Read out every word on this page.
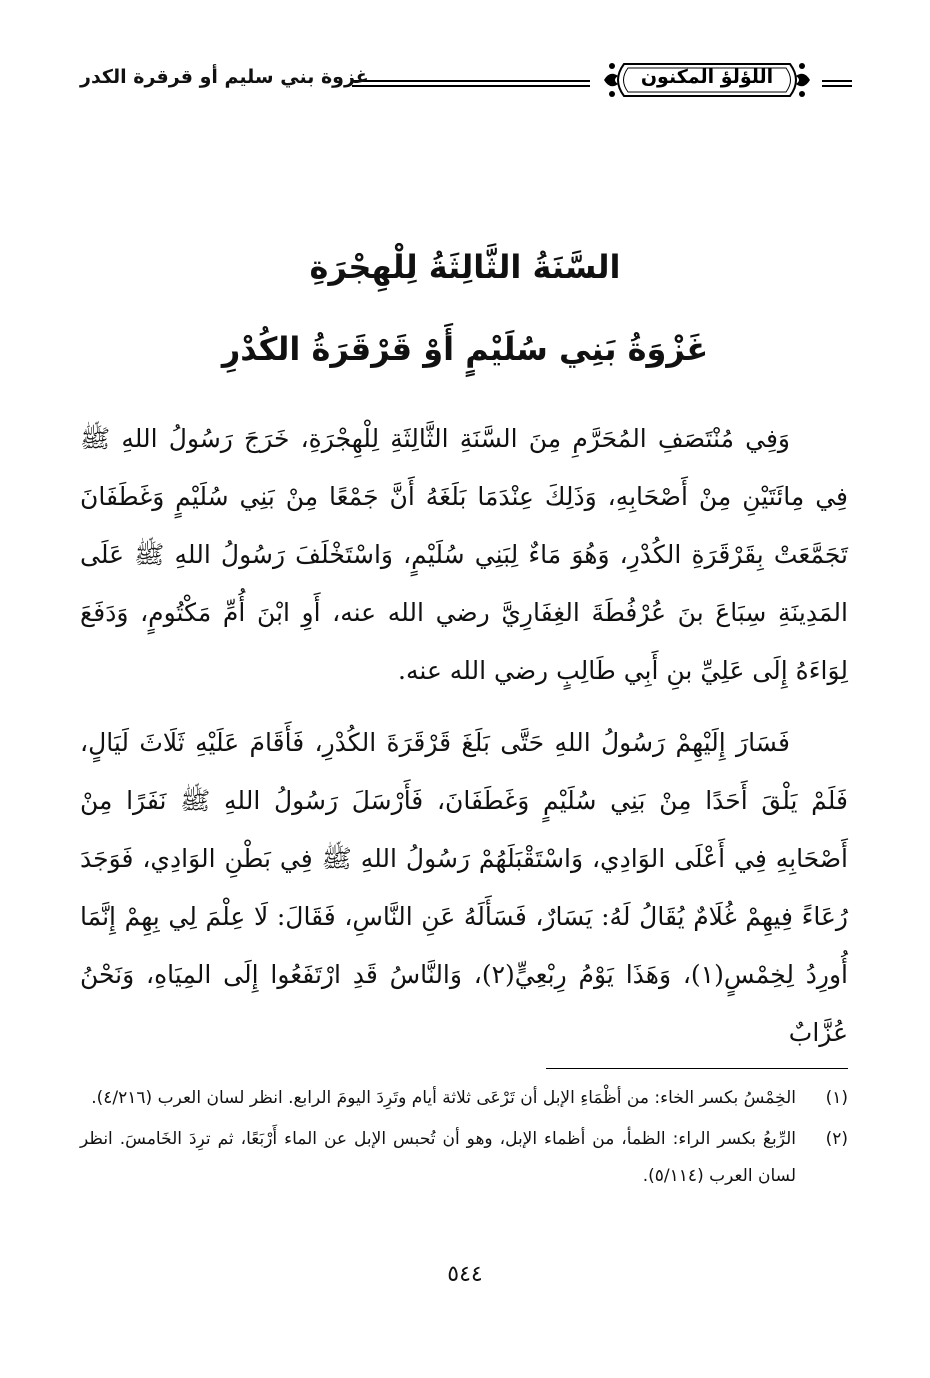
اللؤلؤ المكنون
غزوة بني سليم أو قرقرة الكدر
السَّنَةُ الثَّالِثَةُ لِلْهِجْرَةِ
غَزْوَةُ بَنِي سُلَيْمٍ أَوْ قَرْقَرَةُ الكُدْرِ

وَفِي مُنْتَصَفِ المُحَرَّمِ مِنَ السَّنَةِ الثَّالِثَةِ لِلْهِجْرَةِ، خَرَجَ رَسُولُ اللهِ ﷺ فِي مِائَتَيْنِ مِنْ أَصْحَابِهِ، وَذَلِكَ عِنْدَمَا بَلَغَهُ أَنَّ جَمْعًا مِنْ بَنِي سُلَيْمٍ وَغَطَفَانَ تَجَمَّعَتْ بِقَرْقَرَةِ الكُدْرِ، وَهُوَ مَاءٌ لِبَنِي سُلَيْمٍ، وَاسْتَخْلَفَ رَسُولُ اللهِ ﷺ عَلَى المَدِينَةِ سِبَاعَ بنَ عُرْفُطَةَ الغِفَارِيَّ رضي الله عنه، أَوِ ابْنَ أُمِّ مَكْتُومٍ، وَدَفَعَ لِوَاءَهُ إِلَى عَلِيِّ بنِ أَبِي طَالِبٍ رضي الله عنه.

فَسَارَ إِلَيْهِمْ رَسُولُ اللهِ حَتَّى بَلَغَ قَرْقَرَةَ الكُدْرِ، فَأَقَامَ عَلَيْهِ ثَلَاثَ لَيَالٍ، فَلَمْ يَلْقَ أَحَدًا مِنْ بَنِي سُلَيْمٍ وَغَطَفَانَ، فَأَرْسَلَ رَسُولُ اللهِ ﷺ نَفَرًا مِنْ أَصْحَابِهِ فِي أَعْلَى الوَادِي، وَاسْتَقْبَلَهُمْ رَسُولُ اللهِ ﷺ فِي بَطْنِ الوَادِي، فَوَجَدَ رُعَاءً فِيهِمْ غُلَامٌ يُقَالُ لَهُ: يَسَارٌ، فَسَأَلَهُ عَنِ النَّاسِ، فَقَالَ: لَا عِلْمَ لِي بِهِمْ إِنَّمَا أُورِدُ لِخِمْسٍ(١)، وَهَذَا يَوْمُ رِبْعِيٍّ(٢)، وَالنَّاسُ قَدِ ارْتَفَعُوا إِلَى المِيَاهِ، وَنَحْنُ عُزَّابٌ

(١)
الخِمْسُ بكسر الخاء: من أظْمَاءِ الإبل أن تَرْعَى ثلاثة أيام وتَرِدَ اليومَ الرابع. انظر لسان العرب (٤/٢١٦).
(٢)
الرِّبعُ بكسر الراء: الظمأ، من أظماء الإبل، وهو أن تُحبس الإبل عن الماء أَرْبَعًا، ثم ترِدَ الخَامسَ. انظر لسان العرب (٥/١١٤).
٥٤٤
